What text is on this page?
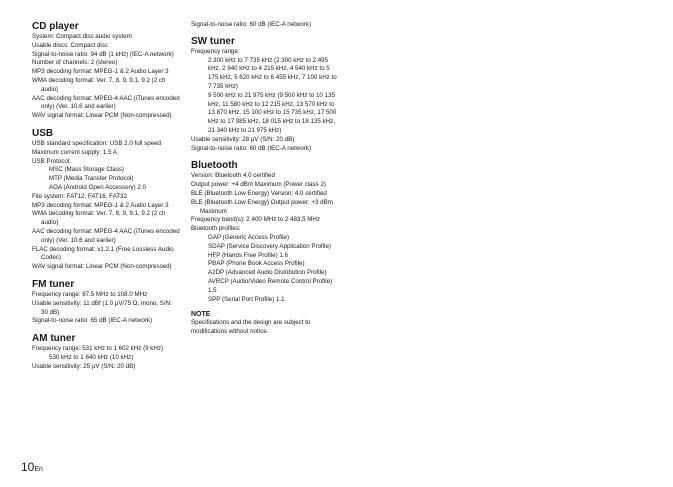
CD player
System: Compact disc audio system
Usable discs: Compact disc
Signal-to-noise ratio: 94 dB (1 kHz) (IEC-A network)
Number of channels: 2 (stereo)
MP3 decoding format: MPEG-1 & 2 Audio Layer 3
WMA decoding format: Ver. 7, 8, 9, 9.1, 9.2 (2 ch audio)
AAC decoding format: MPEG-4 AAC (iTunes encoded only) (Ver. 10.6 and earlier)
WAV signal format: Linear PCM (Non-compressed)
USB
USB standard specification: USB 2.0 full speed
Maximum current supply: 1.5 A
USB Protocol:
MSC (Mass Storage Class)
MTP (Media Transfer Protocol)
AOA (Android Open Accessory) 2.0
File system: FAT12, FAT16, FAT32
MP3 decoding format: MPEG-1 & 2 Audio Layer 3
WMA decoding format: Ver. 7, 8, 9, 9.1, 9.2 (2 ch audio)
AAC decoding format: MPEG-4 AAC (iTunes encoded only) (Ver. 10.6 and earlier)
FLAC decoding format: v1.2.1 (Free Lossless Audio Codec)
WAV signal format: Linear PCM (Non-compressed)
FM tuner
Frequency range: 87.5 MHz to 108.0 MHz
Usable sensitivity: 11 dBf (1.0 µV/75 Ω, mono, S/N: 30 dB)
Signal-to-noise ratio: 65 dB (IEC-A network)
AM tuner
Frequency range: 531 kHz to 1 602 kHz (9 kHz)
530 kHz to 1 640 kHz (10 kHz)
Usable sensitivity: 25 µV (S/N: 20 dB)
Signal-to-noise ratio: 60 dB (IEC-A network)
SW tuner
Frequency range:
2 300 kHz to 7 735 kHz (2 300 kHz to 2 495 kHz, 2 940 kHz to 4 215 kHz, 4 540 kHz to 5 175 kHz, 5 820 kHz to 6 455 kHz, 7 100 kHz to 7 735 kHz)
9 500 kHz to 21 975 kHz (9 500 kHz to 10 135 kHz, 11 580 kHz to 12 215 kHz, 13 570 kHz to 13 870 kHz, 15 100 kHz to 15 735 kHz, 17 500 kHz to 17 985 kHz, 18 015 kHz to 18 135 kHz, 21 340 kHz to 21 975 kHz)
Usable sensitivity: 28 µV (S/N: 20 dB)
Signal-to-noise ratio: 60 dB (IEC-A network)
Bluetooth
Version: Bluetooth 4.0 certified
Output power: +4 dBm Maximum (Power class 2)
BLE (Bluetooth Low Energy) Version: 4.0 certified
BLE (Bluetooth Low Energy) Output power: +3 dBm Maximum
Frequency band(s): 2 400 MHz to 2 483.5 MHz
Bluetooth profiles:
GAP (Generic Access Profile)
SDAP (Service Discovery Application Profile)
HFP (Hands Free Profile) 1.6
PBAP (Phone Book Access Profile)
A2DP (Advanced Audio Distribution Profile)
AVRCP (Audio/Video Remote Control Profile) 1.5
SPP (Serial Port Profile) 1.1
NOTE
Specifications and the design are subject to modifications without notice.
10En
